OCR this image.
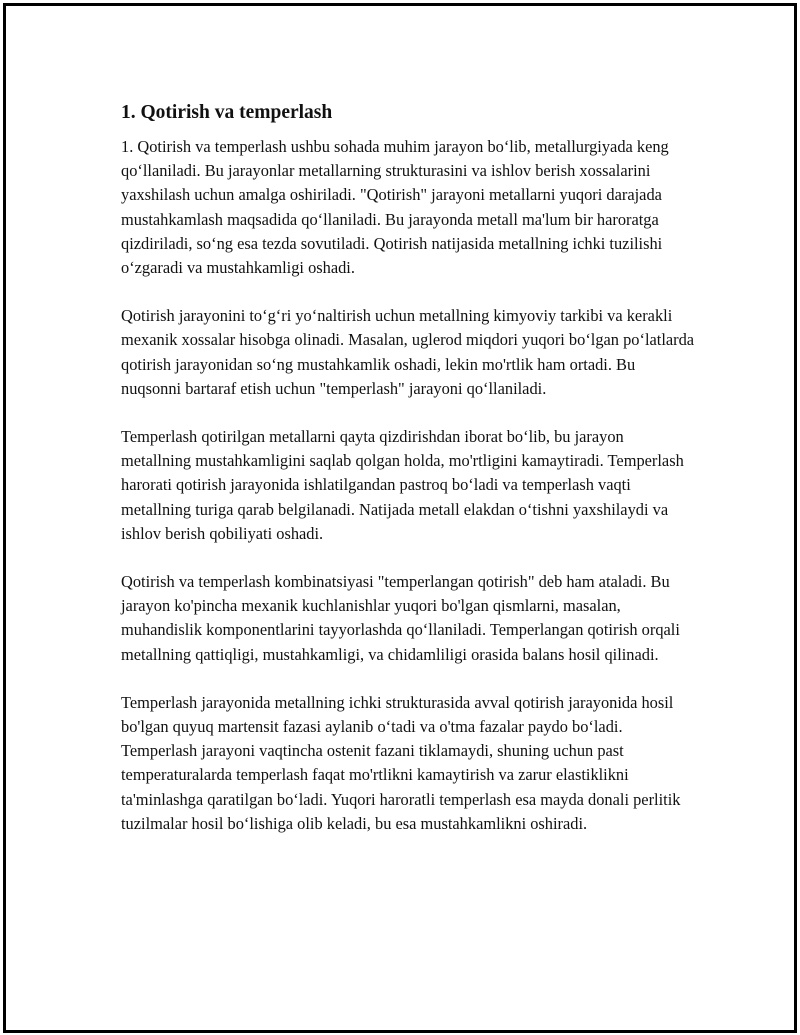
1. Qotirish va temperlash

1. Qotirish va temperlash ushbu sohada muhim jarayon bo‘lib, metallurgiyada keng qo‘llaniladi. Bu jarayonlar metallarning strukturasini va ishlov berish xossalarini yaxshilash uchun amalga oshiriladi. "Qotirish" jarayoni metallarni yuqori darajada mustahkamlash maqsadida qo‘llaniladi. Bu jarayonda metall ma'lum bir haroratga qizdiriladi, so‘ng esa tezda sovutiladi. Qotirish natijasida metallning ichki tuzilishi o‘zgaradi va mustahkamligi oshadi.

Qotirish jarayonini to‘g‘ri yo‘naltirish uchun metallning kimyoviy tarkibi va kerakli mexanik xossalar hisobga olinadi. Masalan, uglerod miqdori yuqori bo‘lgan po‘latlarda qotirish jarayonidan so‘ng mustahkamlik oshadi, lekin mo'rtlik ham ortadi. Bu nuqsonni bartaraf etish uchun "temperlash" jarayoni qo‘llaniladi.

Temperlash qotirilgan metallarni qayta qizdirishdan iborat bo‘lib, bu jarayon metallning mustahkamligini saqlab qolgan holda, mo'rtligini kamaytiradi. Temperlash harorati qotirish jarayonida ishlatilgandan pastroq bo‘ladi va temperlash vaqti metallning turiga qarab belgilanadi. Natijada metall elakdan o‘tishni yaxshilaydi va ishlov berish qobiliyati oshadi.

Qotirish va temperlash kombinatsiyasi "temperlangan qotirish" deb ham ataladi. Bu jarayon ko'pincha mexanik kuchlanishlar yuqori bo'lgan qismlarni, masalan, muhandislik komponentlarini tayyorlashda qo‘llaniladi. Temperlangan qotirish orqali metallning qattiqligi, mustahkamligi, va chidamliligi orasida balans hosil qilinadi.

Temperlash jarayonida metallning ichki strukturasida avval qotirish jarayonida hosil bo'lgan quyuq martensit fazasi aylanib o‘tadi va o'tma fazalar paydo bo‘ladi. Temperlash jarayoni vaqtincha ostenit fazani tiklamaydi, shuning uchun past temperaturalarda temperlash faqat mo'rtlikni kamaytirish va zarur elastiklikni ta'minlashga qaratilgan bo‘ladi. Yuqori haroratli temperlash esa mayda donali perlitik tuzilmalar hosil bo‘lishiga olib keladi, bu esa mustahkamlikni oshiradi.
